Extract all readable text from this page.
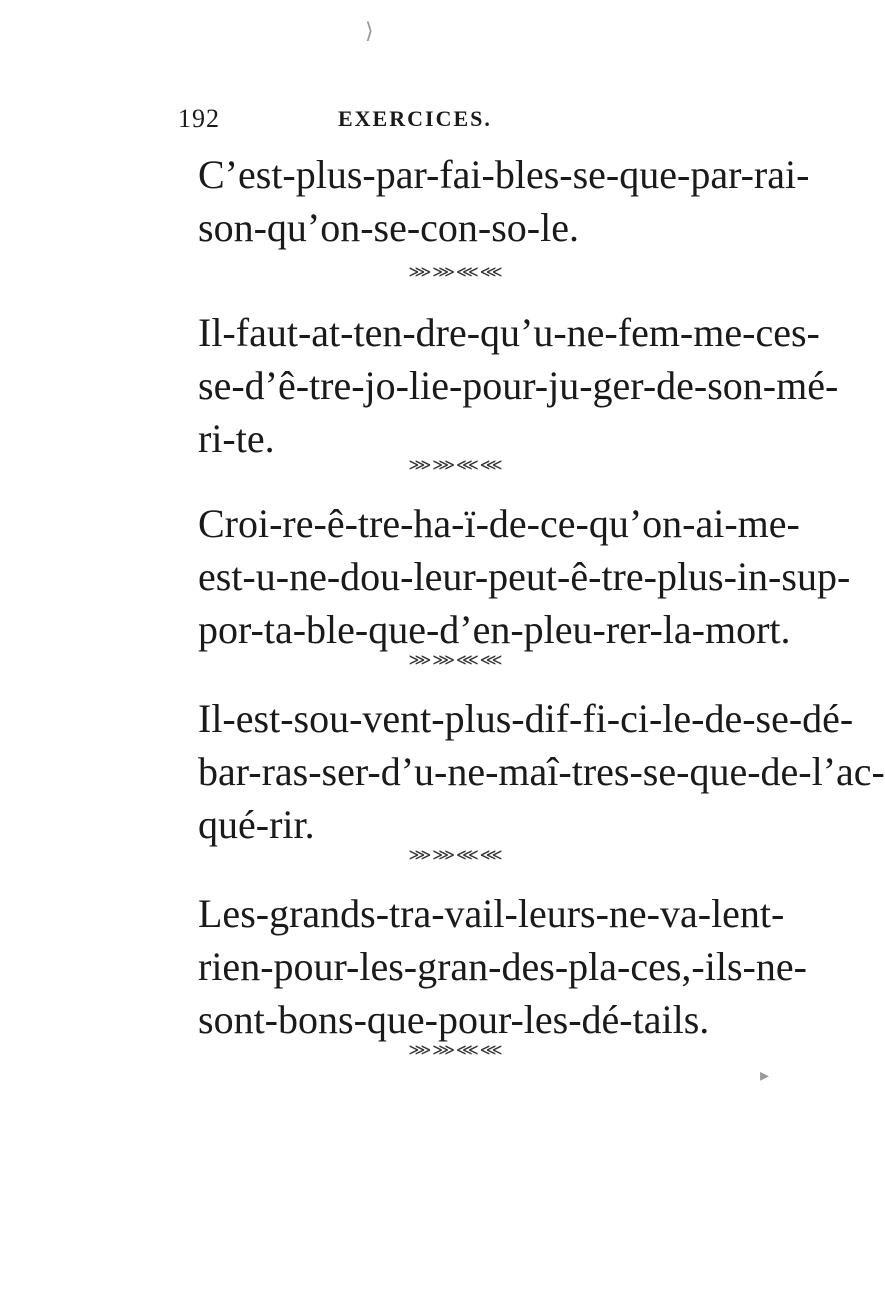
⟩
192	EXERCICES.

C’est-plus-par-fai-bles-se-que-par-rai-

son-qu’on-se-con-so-le.

⋙⋙⋘⋘

Il-faut-at-ten-dre-qu’u-ne-fem-me-ces-

se-d’ê-tre-jo-lie-pour-ju-ger-de-son-mé-

ri-te.

⋙⋙⋘⋘

Croi-re-ê-tre-ha-ï-de-ce-qu’on-ai-me-

est-u-ne-dou-leur-peut-ê-tre-plus-in-sup-

por-ta-ble-que-d’en-pleu-rer-la-mort.

⋙⋙⋘⋘

Il-est-sou-vent-plus-dif-fi-ci-le-de-se-dé-

bar-ras-ser-d’u-ne-maî-tres-se-que-de-l’ac-

qué-rir.

⋙⋙⋘⋘

Les-grands-tra-vail-leurs-ne-va-lent-

rien-pour-les-gran-des-pla-ces,-ils-ne-

sont-bons-que-pour-les-dé-tails.

⋙⋙⋘⋘
▸
